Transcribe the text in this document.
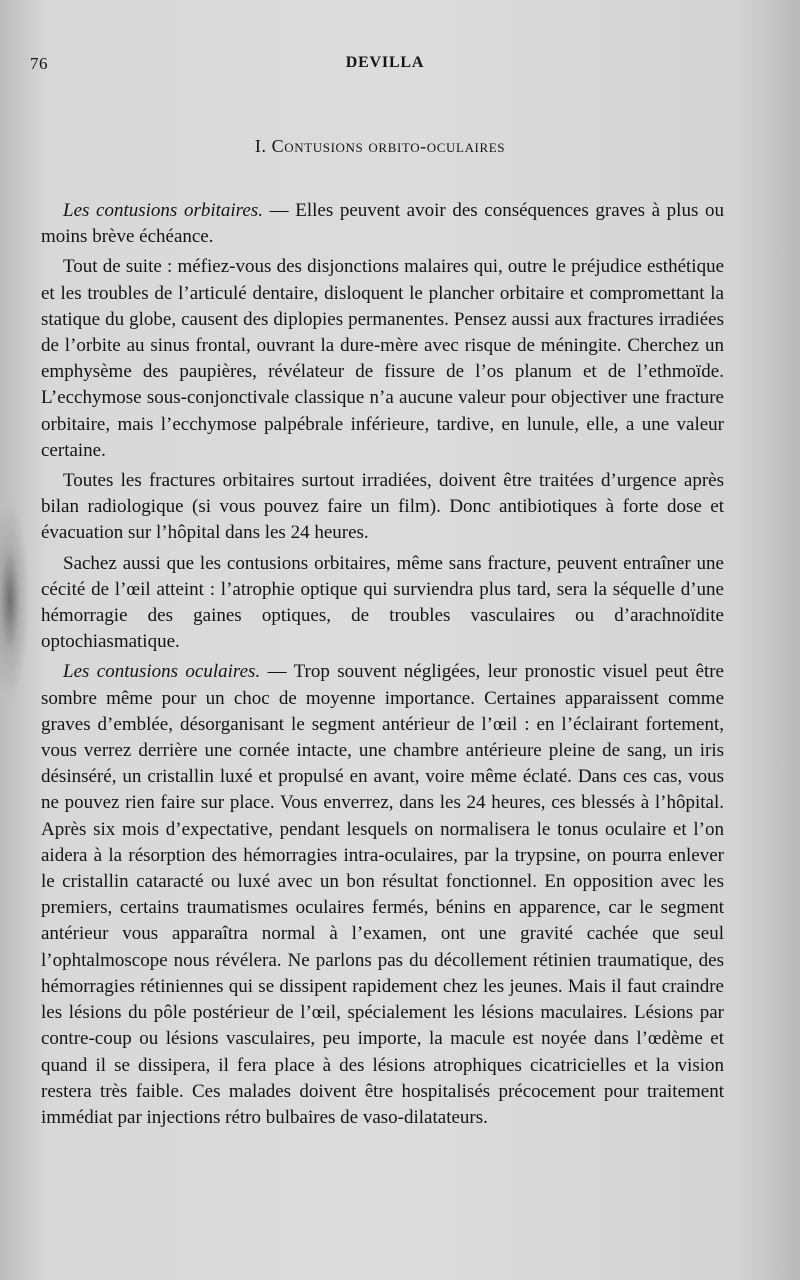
76	DEVILLA
I. Contusions orbito-oculaires

Les contusions orbitaires. — Elles peuvent avoir des conséquences graves à plus ou moins brève échéance.

Tout de suite : méfiez-vous des disjonctions malaires qui, outre le préjudice esthétique et les troubles de l’articulé dentaire, disloquent le plancher orbitaire et compromettant la statique du globe, causent des diplopies permanentes. Pensez aussi aux fractures irradiées de l’orbite au sinus frontal, ouvrant la dure-mère avec risque de méningite. Cherchez un emphysème des paupières, révélateur de fissure de l’os planum et de l’ethmoïde. L’ecchymose sous-conjonctivale classique n’a aucune valeur pour objectiver une fracture orbitaire, mais l’ecchymose palpébrale inférieure, tardive, en lunule, elle, a une valeur certaine.

Toutes les fractures orbitaires surtout irradiées, doivent être traitées d’urgence après bilan radiologique (si vous pouvez faire un film). Donc antibiotiques à forte dose et évacuation sur l’hôpital dans les 24 heures.

Sachez aussi que les contusions orbitaires, même sans fracture, peuvent entraîner une cécité de l’œil atteint : l’atrophie optique qui surviendra plus tard, sera la séquelle d’une hémorragie des gaines optiques, de troubles vasculaires ou d’arachnoïdite optochiasmatique.

Les contusions oculaires. — Trop souvent négligées, leur pronostic visuel peut être sombre même pour un choc de moyenne importance. Certaines apparaissent comme graves d’emblée, désorganisant le segment antérieur de l’œil : en l’éclairant fortement, vous verrez derrière une cornée intacte, une chambre antérieure pleine de sang, un iris désinséré, un cristallin luxé et propulsé en avant, voire même éclaté. Dans ces cas, vous ne pouvez rien faire sur place. Vous enverrez, dans les 24 heures, ces blessés à l’hôpital. Après six mois d’expectative, pendant lesquels on normalisera le tonus oculaire et l’on aidera à la résorption des hémorragies intra-oculaires, par la trypsine, on pourra enlever le cristallin cataracté ou luxé avec un bon résultat fonctionnel. En opposition avec les premiers, certains traumatismes oculaires fermés, bénins en apparence, car le segment antérieur vous apparaîtra normal à l’examen, ont une gravité cachée que seul l’ophtalmoscope nous révélera. Ne parlons pas du décollement rétinien traumatique, des hémorragies rétiniennes qui se dissipent rapidement chez les jeunes. Mais il faut craindre les lésions du pôle postérieur de l’œil, spécialement les lésions maculaires. Lésions par contre-coup ou lésions vasculaires, peu importe, la macule est noyée dans l’œdème et quand il se dissipera, il fera place à des lésions atrophiques cicatricielles et la vision restera très faible. Ces malades doivent être hospitalisés précocement pour traitement immédiat par injections rétro bulbaires de vaso-dilatateurs.
